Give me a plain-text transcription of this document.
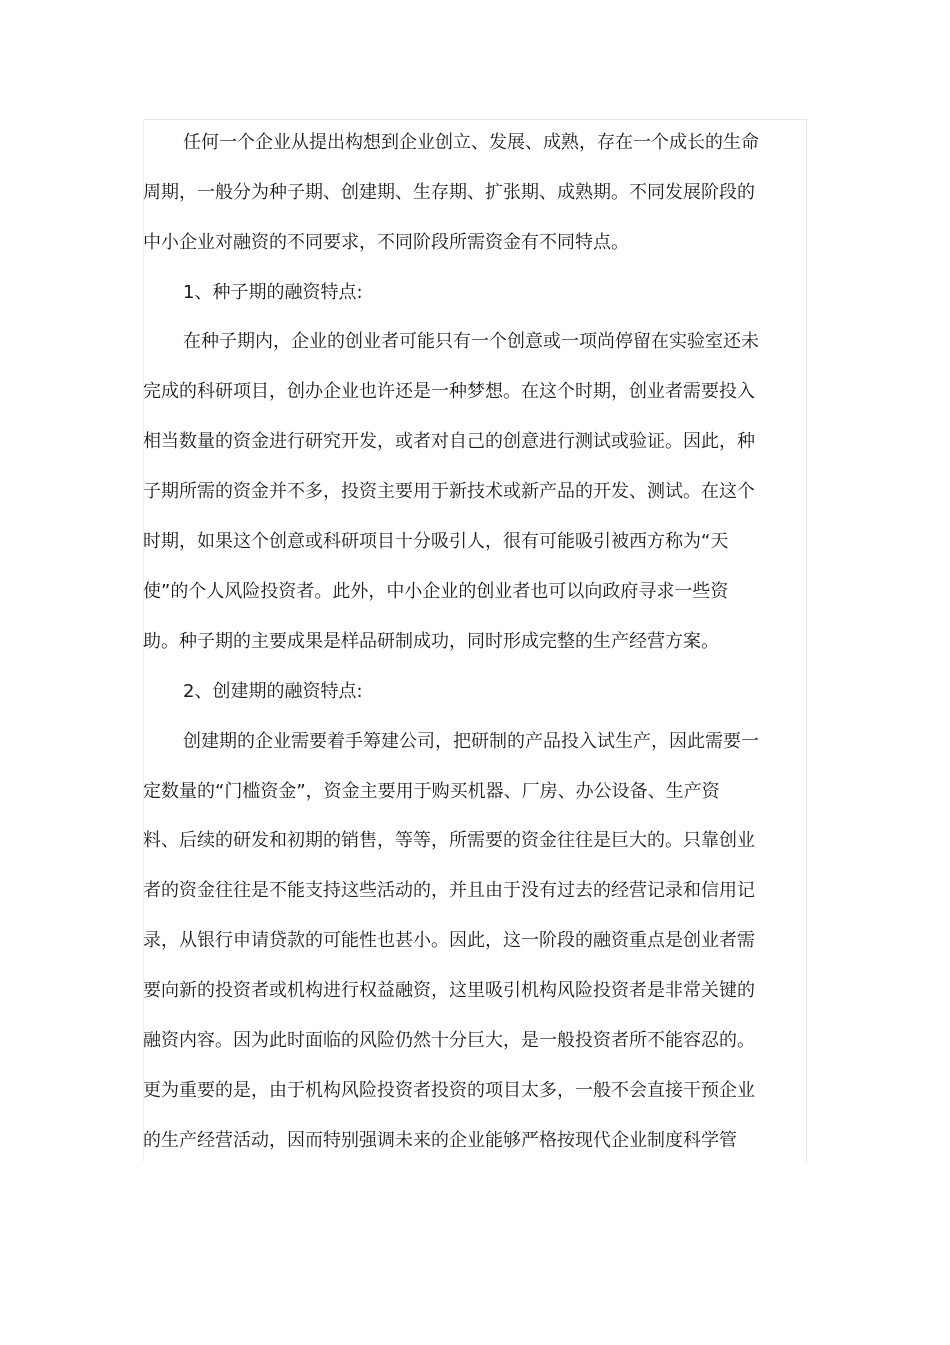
任何一个企业从提出构想到企业创立、发展、成熟，存在一个成长的生命
周期，一般分为种子期、创建期、生存期、扩张期、成熟期。不同发展阶段的
中小企业对融资的不同要求，不同阶段所需资金有不同特点。
1、种子期的融资特点:
在种子期内，企业的创业者可能只有一个创意或一项尚停留在实验室还未
完成的科研项目，创办企业也许还是一种梦想。在这个时期，创业者需要投入
相当数量的资金进行研究开发，或者对自己的创意进行测试或验证。因此，种
子期所需的资金并不多，投资主要用于新技术或新产品的开发、测试。在这个
时期，如果这个创意或科研项目十分吸引人，很有可能吸引被西方称为“天
使”的个人风险投资者。此外，中小企业的创业者也可以向政府寻求一些资
助。种子期的主要成果是样品研制成功，同时形成完整的生产经营方案。
2、创建期的融资特点:
创建期的企业需要着手筹建公司，把研制的产品投入试生产，因此需要一
定数量的“门槛资金”，资金主要用于购买机器、厂房、办公设备、生产资
料、后续的研发和初期的销售，等等，所需要的资金往往是巨大的。只靠创业
者的资金往往是不能支持这些活动的，并且由于没有过去的经营记录和信用记
录，从银行申请贷款的可能性也甚小。因此，这一阶段的融资重点是创业者需
要向新的投资者或机构进行权益融资，这里吸引机构风险投资者是非常关键的
融资内容。因为此时面临的风险仍然十分巨大，是一般投资者所不能容忍的。
更为重要的是，由于机构风险投资者投资的项目太多，一般不会直接干预企业
的生产经营活动，因而特别强调未来的企业能够严格按现代企业制度科学管
